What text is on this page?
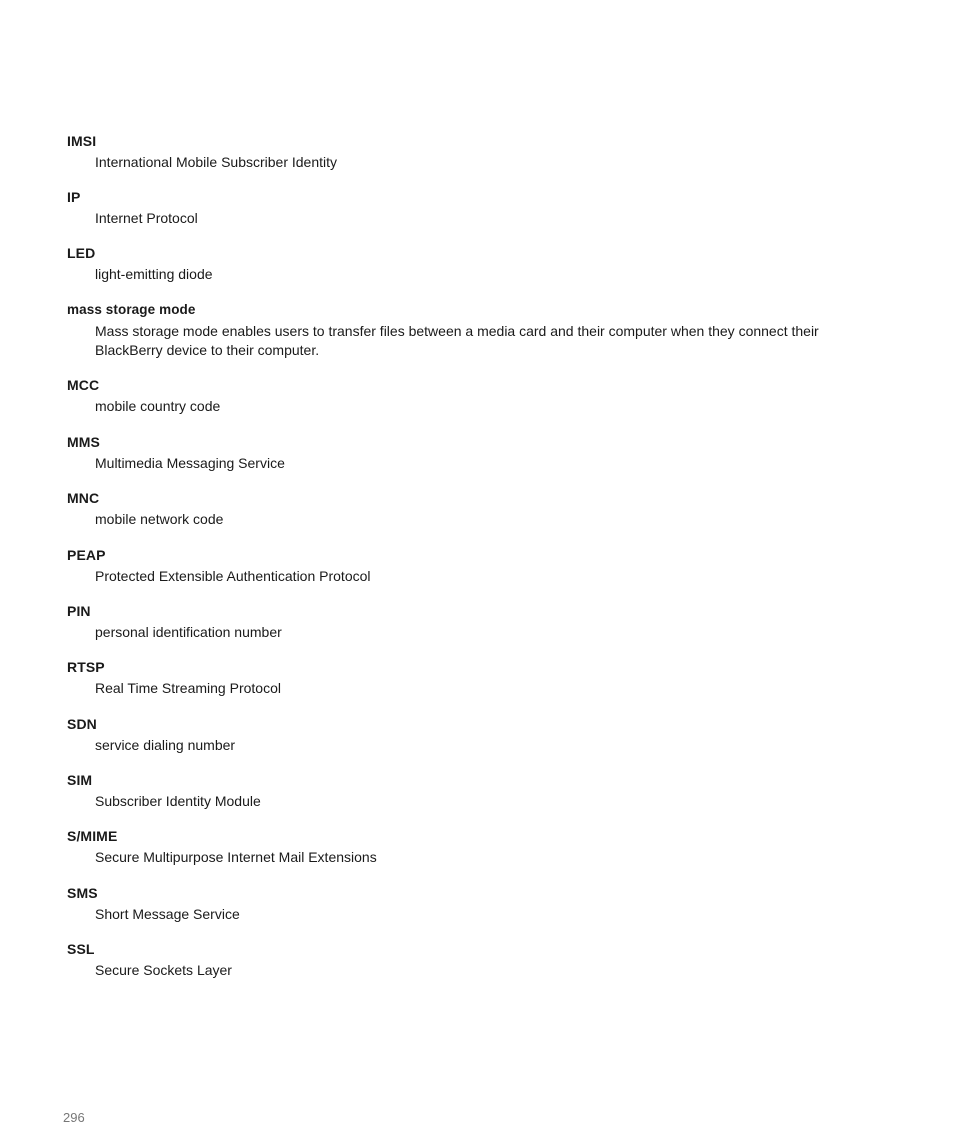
IMSI
International Mobile Subscriber Identity
IP
Internet Protocol
LED
light-emitting diode
mass storage mode
Mass storage mode enables users to transfer files between a media card and their computer when they connect their BlackBerry device to their computer.
MCC
mobile country code
MMS
Multimedia Messaging Service
MNC
mobile network code
PEAP
Protected Extensible Authentication Protocol
PIN
personal identification number
RTSP
Real Time Streaming Protocol
SDN
service dialing number
SIM
Subscriber Identity Module
S/MIME
Secure Multipurpose Internet Mail Extensions
SMS
Short Message Service
SSL
Secure Sockets Layer
296
